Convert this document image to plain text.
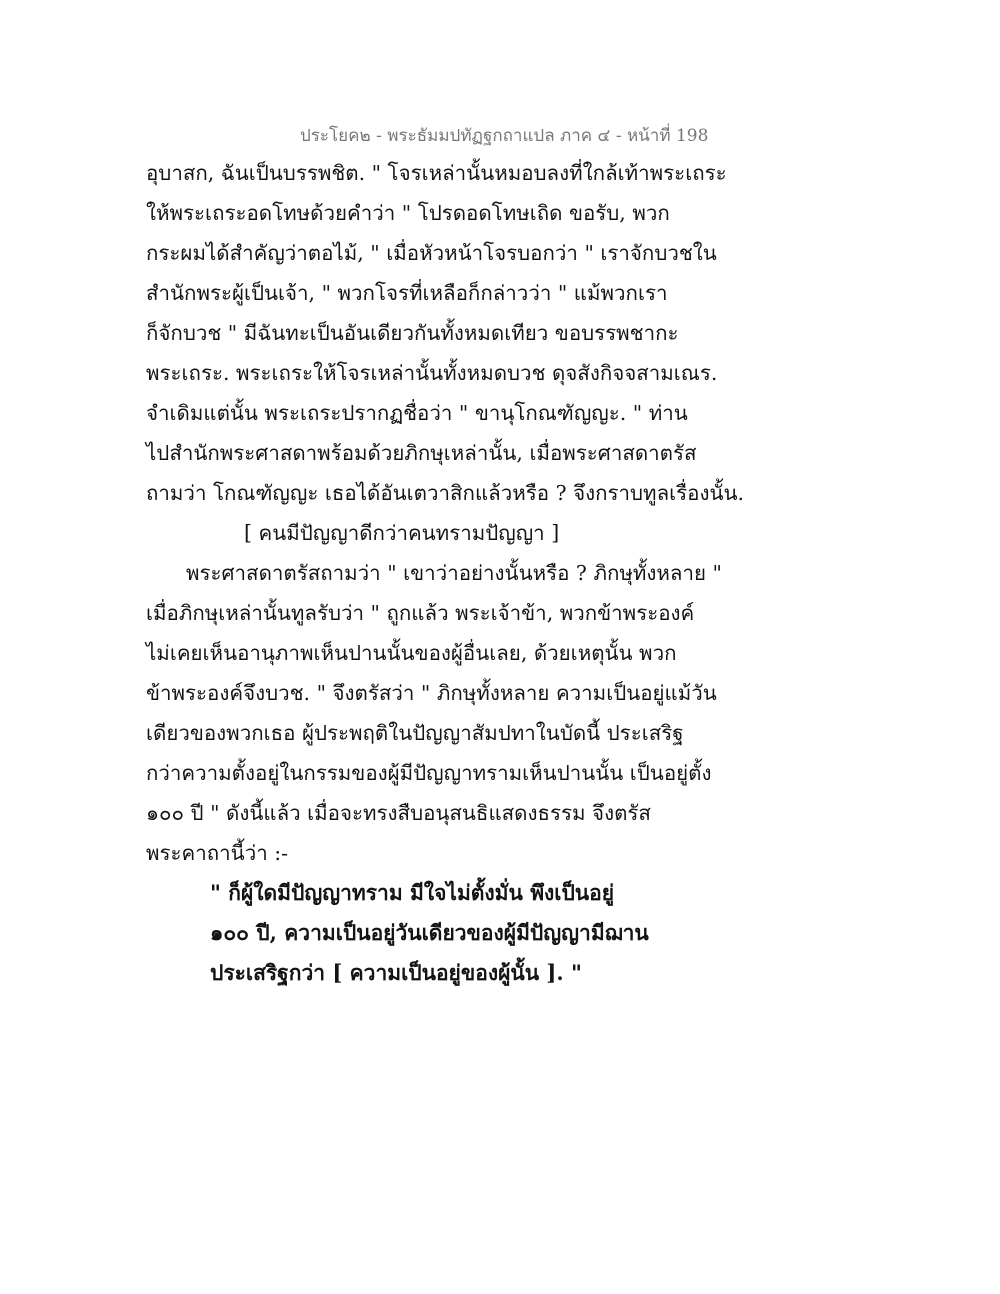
ประโยค๒ - พระธัมมปทัฏฐกถาแปล ภาค ๔ - หน้าที่ 198
อุบาสก, ฉันเป็นบรรพชิต. " โจรเหล่านั้นหมอบลงที่ใกล้เท้าพระเถระ
ให้พระเถระอดโทษด้วยคำว่า " โปรดอดโทษเถิด ขอรับ, พวก
กระผมได้สำคัญว่าตอไม้, " เมื่อหัวหน้าโจรบอกว่า " เราจักบวชใน
สำนักพระผู้เป็นเจ้า, " พวกโจรที่เหลือก็กล่าวว่า " แม้พวกเรา
ก็จักบวช " มีฉันทะเป็นอันเดียวกันทั้งหมดเทียว ขอบรรพชากะ
พระเถระ. พระเถระให้โจรเหล่านั้นทั้งหมดบวช ดุจสังกิจจสามเณร.
จำเดิมแต่นั้น พระเถระปรากฏชื่อว่า " ขานุโกณฑัญญะ. " ท่าน
ไปสำนักพระศาสดาพร้อมด้วยภิกษุเหล่านั้น, เมื่อพระศาสดาตรัส
ถามว่า โกณฑัญญะ เธอได้อันเตวาสิกแล้วหรือ ? จึงกราบทูลเรื่องนั้น.
[ คนมีปัญญาดีกว่าคนทรามปัญญา ]
พระศาสดาตรัสถามว่า " เขาว่าอย่างนั้นหรือ ? ภิกษุทั้งหลาย "
เมื่อภิกษุเหล่านั้นทูลรับว่า " ถูกแล้ว พระเจ้าข้า, พวกข้าพระองค์
ไม่เคยเห็นอานุภาพเห็นปานนั้นของผู้อื่นเลย, ด้วยเหตุนั้น พวก
ข้าพระองค์จึงบวช. " จึงตรัสว่า " ภิกษุทั้งหลาย ความเป็นอยู่แม้วัน
เดียวของพวกเธอ ผู้ประพฤติในปัญญาสัมปทาในบัดนี้ ประเสริฐ
กว่าความตั้งอยู่ในกรรมของผู้มีปัญญาทรามเห็นปานนั้น เป็นอยู่ตั้ง
๑๐๐ ปี " ดังนี้แล้ว เมื่อจะทรงสืบอนุสนธิแสดงธรรม จึงตรัส
พระคาถานี้ว่า :-
" ก็ผู้ใดมีปัญญาทราม มีใจไม่ตั้งมั่น พึงเป็นอยู่
๑๐๐ ปี, ความเป็นอยู่วันเดียวของผู้มีปัญญามีฌาน
ประเสริฐกว่า [ ความเป็นอยู่ของผู้นั้น ]. "
